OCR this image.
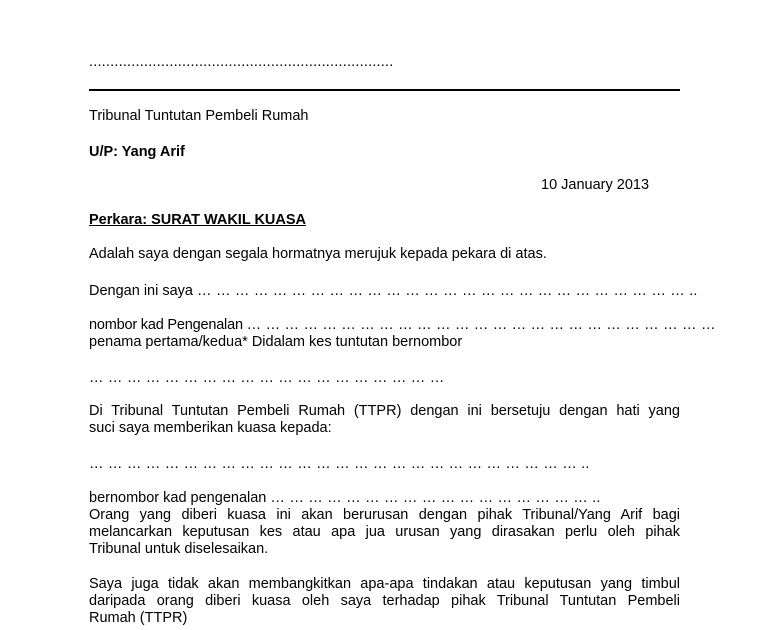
........................................................................
Tribunal Tuntutan Pembeli Rumah
U/P: Yang Arif
10 January 2013
Perkara: SURAT WAKIL KUASA
Adalah saya dengan segala hormatnya merujuk kepada pekara di atas.
Dengan ini saya … … … … … … … … … … … … … … … … … … … … … … … … … … ..
nombor kad Pengenalan … … … … … … … … … … … … … … … … … … … … … … … … …
penama pertama/kedua* Didalam kes tuntutan bernombor
… … … … … … … … … … … … … … … … … … …
Di Tribunal Tuntutan Pembeli Rumah (TTPR) dengan ini bersetuju dengan hati yang
suci saya memberikan kuasa kepada:
… … … … … … … … … … … … … … … … … … … … … … … … … … ..
bernombor kad pengenalan … … … … … … … … … … … … … … … … … ..
Orang yang diberi kuasa ini akan berurusan dengan pihak Tribunal/Yang Arif bagi
melancarkan keputusan kes atau apa jua urusan yang dirasakan perlu oleh pihak
Tribunal untuk diselesaikan.
Saya juga tidak akan membangkitkan apa-apa tindakan atau keputusan yang timbul
daripada orang diberi kuasa oleh saya terhadap pihak Tribunal Tuntutan Pembeli
Rumah (TTPR)
